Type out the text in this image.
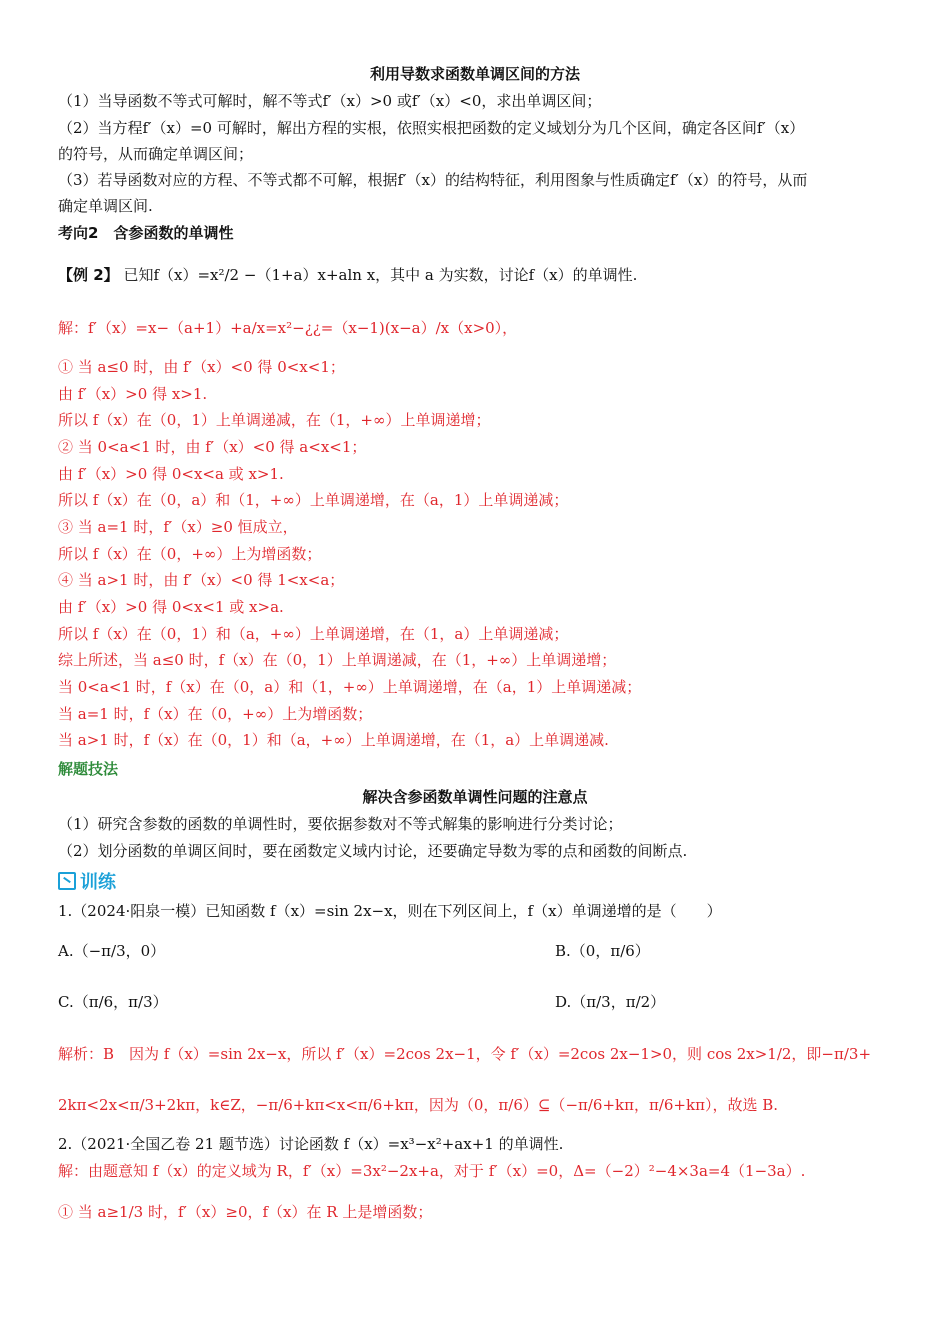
利用导数求函数单调区间的方法
（1）当导函数不等式可解时，解不等式f′（x）>0 或f′（x）<0，求出单调区间；
（2）当方程f′（x）=0 可解时，解出方程的实根，依照实根把函数的定义域划分为几个区间，确定各区间f′（x）
的符号，从而确定单调区间；
（3）若导函数对应的方程、不等式都不可解，根据f′（x）的结构特征，利用图象与性质确定f′（x）的符号，从而
确定单调区间.
考向2　含参函数的单调性
【例 2】 已知f（x）=x²/2 −（1+a）x+aln x，其中 a 为实数，讨论f（x）的单调性.
解：f′（x）=x−（a+1）+a/x=x²−¿¿=（x−1)(x−a）/x（x>0），
① 当 a≤0 时，由 f′（x）<0 得 0<x<1；
由 f′（x）>0 得 x>1.
所以 f（x）在（0，1）上单调递减，在（1，+∞）上单调递增；
② 当 0<a<1 时，由 f′（x）<0 得 a<x<1；
由 f′（x）>0 得 0<x<a 或 x>1.
所以 f（x）在（0，a）和（1，+∞）上单调递增，在（a，1）上单调递减；
③ 当 a=1 时，f′（x）≥0 恒成立，
所以 f（x）在（0，+∞）上为增函数；
④ 当 a>1 时，由 f′（x）<0 得 1<x<a；
由 f′（x）>0 得 0<x<1 或 x>a.
所以 f（x）在（0，1）和（a，+∞）上单调递增，在（1，a）上单调递减；
综上所述，当 a≤0 时，f（x）在（0，1）上单调递减，在（1，+∞）上单调递增；
当 0<a<1 时，f（x）在（0，a）和（1，+∞）上单调递增，在（a，1）上单调递减；
当 a=1 时，f（x）在（0，+∞）上为增函数；
当 a>1 时，f（x）在（0，1）和（a，+∞）上单调递增，在（1，a）上单调递减.
解题技法
解决含参函数单调性问题的注意点
（1）研究含参数的函数的单调性时，要依据参数对不等式解集的影响进行分类讨论；
（2）划分函数的单调区间时，要在函数定义域内讨论，还要确定导数为零的点和函数的间断点.
训练
1.（2024·阳泉一模）已知函数 f（x）=sin 2x−x，则在下列区间上，f（x）单调递增的是（　　）
A.（−π/3，0）	B.（0，π/6）
C.（π/6，π/3）	D.（π/3，π/2）
解析：B　因为 f（x）=sin 2x−x，所以 f′（x）=2cos 2x−1，令 f′（x）=2cos 2x−1>0，则 cos 2x>1/2，即−π/3+
2kπ<2x<π/3+2kπ，k∈Z，−π/6+kπ<x<π/6+kπ，因为（0，π/6）⊆（−π/6+kπ，π/6+kπ），故选 B.
2.（2021·全国乙卷 21 题节选）讨论函数 f（x）=x³−x²+ax+1 的单调性.
解：由题意知 f（x）的定义域为 R，f′（x）=3x²−2x+a，对于 f′（x）=0，Δ=（−2）²−4×3a=4（1−3a）.
① 当 a≥1/3 时，f′（x）≥0，f（x）在 R 上是增函数；
